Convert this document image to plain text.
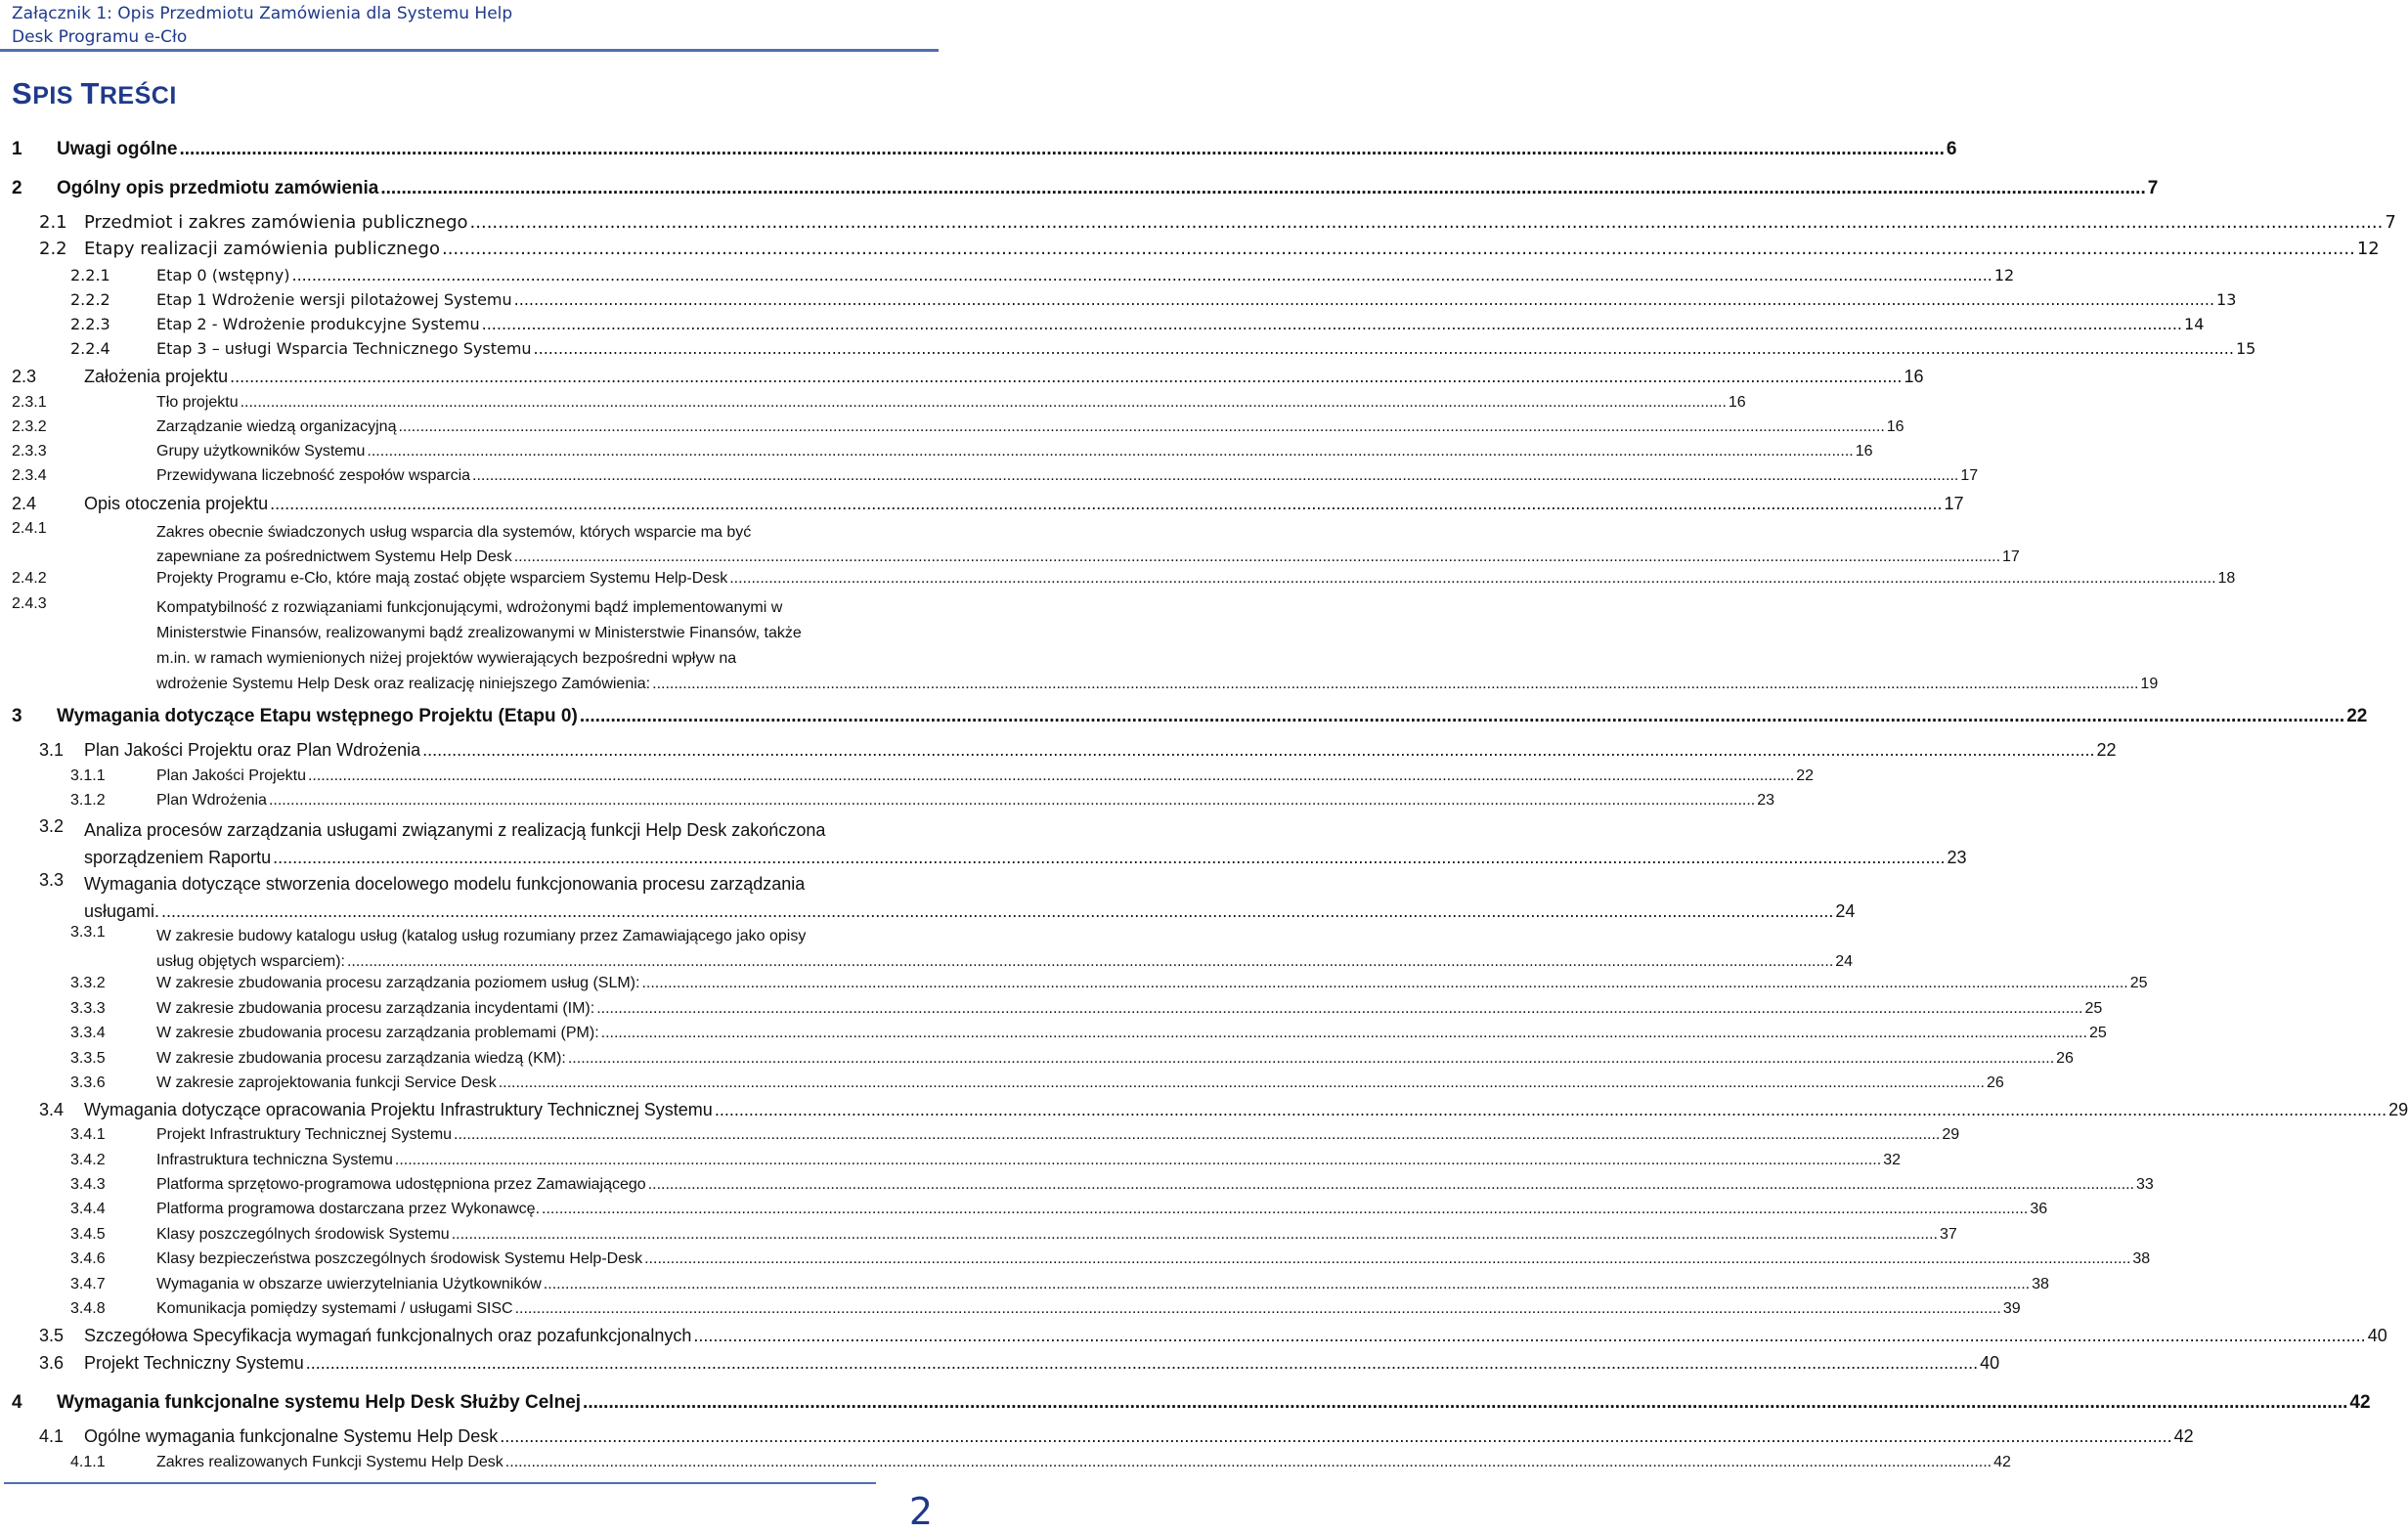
Załącznik 1: Opis Przedmiotu Zamówienia dla Systemu Help
Desk Programu e-Cło
SPIS TREŚCI
1	Uwagi ogólne .....	6
2	Ogólny opis przedmiotu zamówienia .....	7
2.1 Przedmiot i zakres zamówienia publicznego .....	7
2.2 Etapy realizacji zamówienia publicznego .....	12
2.2.1	Etap 0 (wstępny) .....	12
2.2.2	Etap 1 Wdrożenie wersji pilotażowej Systemu .....	13
2.2.3	Etap 2 - Wdrożenie produkcyjne Systemu .....	14
2.2.4	Etap 3 – usługi Wsparcia Technicznego Systemu .....	15
2.3	Założenia projektu .....	16
2.3.1	Tło projektu .....	16
2.3.2	Zarządzanie wiedzą organizacyjną .....	16
2.3.3	Grupy użytkowników Systemu .....	16
2.3.4	Przewidywana liczebność zespołów wsparcia .....	17
2.4	Opis otoczenia projektu .....	17
2.4.1	Zakres obecnie świadczonych usług wsparcia dla systemów, których wsparcie ma być
zapewniane za pośrednictwem Systemu Help Desk .....	17
2.4.2	Projekty Programu e-Cło, które mają zostać objęte wsparciem Systemu Help-Desk .....	18
2.4.3	Kompatybilność z rozwiązaniami funkcjonującymi, wdrożonymi bądź implementowanymi w
Ministerstwie Finansów, realizowanymi bądź zrealizowanymi w Ministerstwie Finansów, także
m.in. w ramach wymienionych niżej projektów wywierających bezpośredni wpływ na
wdrożenie Systemu Help Desk oraz realizację niniejszego Zamówienia: .....	19
3	Wymagania dotyczące Etapu wstępnego Projektu (Etapu 0) .....	22
3.1	Plan Jakości Projektu oraz Plan Wdrożenia .....	22
3.1.1	Plan Jakości Projektu .....	22
3.1.2	Plan Wdrożenia .....	23
3.2	Analiza procesów zarządzania usługami związanymi z realizacją funkcji Help Desk zakończona
sporządzeniem Raportu .....	23
3.3	Wymagania dotyczące stworzenia docelowego modelu funkcjonowania procesu zarządzania
usługami. .....	24
3.3.1	W zakresie budowy katalogu usług (katalog usług rozumiany przez Zamawiającego jako opisy
usług objętych wsparciem): .....	24
3.3.2	W zakresie zbudowania procesu zarządzania poziomem usług (SLM): .....	25
3.3.3	W zakresie zbudowania procesu zarządzania incydentami (IM): .....	25
3.3.4	W zakresie zbudowania procesu zarządzania problemami (PM): .....	25
3.3.5	W zakresie zbudowania procesu zarządzania wiedzą (KM): .....	26
3.3.6	W zakresie zaprojektowania funkcji Service Desk .....	26
3.4	Wymagania dotyczące opracowania Projektu Infrastruktury Technicznej Systemu .....	29
3.4.1	Projekt Infrastruktury Technicznej Systemu .....	29
3.4.2	Infrastruktura techniczna Systemu .....	32
3.4.3	Platforma sprzętowo-programowa udostępniona przez Zamawiającego .....	33
3.4.4	Platforma programowa dostarczana przez Wykonawcę. .....	36
3.4.5	Klasy poszczególnych środowisk Systemu .....	37
3.4.6	Klasy bezpieczeństwa poszczególnych środowisk Systemu Help-Desk .....	38
3.4.7	Wymagania w obszarze uwierzytelniania Użytkowników .....	38
3.4.8	Komunikacja pomiędzy systemami / usługami SISC .....	39
3.5	Szczegółowa Specyfikacja wymagań funkcjonalnych oraz pozafunkcjonalnych .....	40
3.6	Projekt Techniczny Systemu .....	40
4	Wymagania funkcjonalne systemu Help Desk Służby Celnej .....	42
4.1	Ogólne wymagania funkcjonalne Systemu Help Desk .....	42
4.1.1	Zakres realizowanych Funkcji Systemu Help Desk .....	42
2
